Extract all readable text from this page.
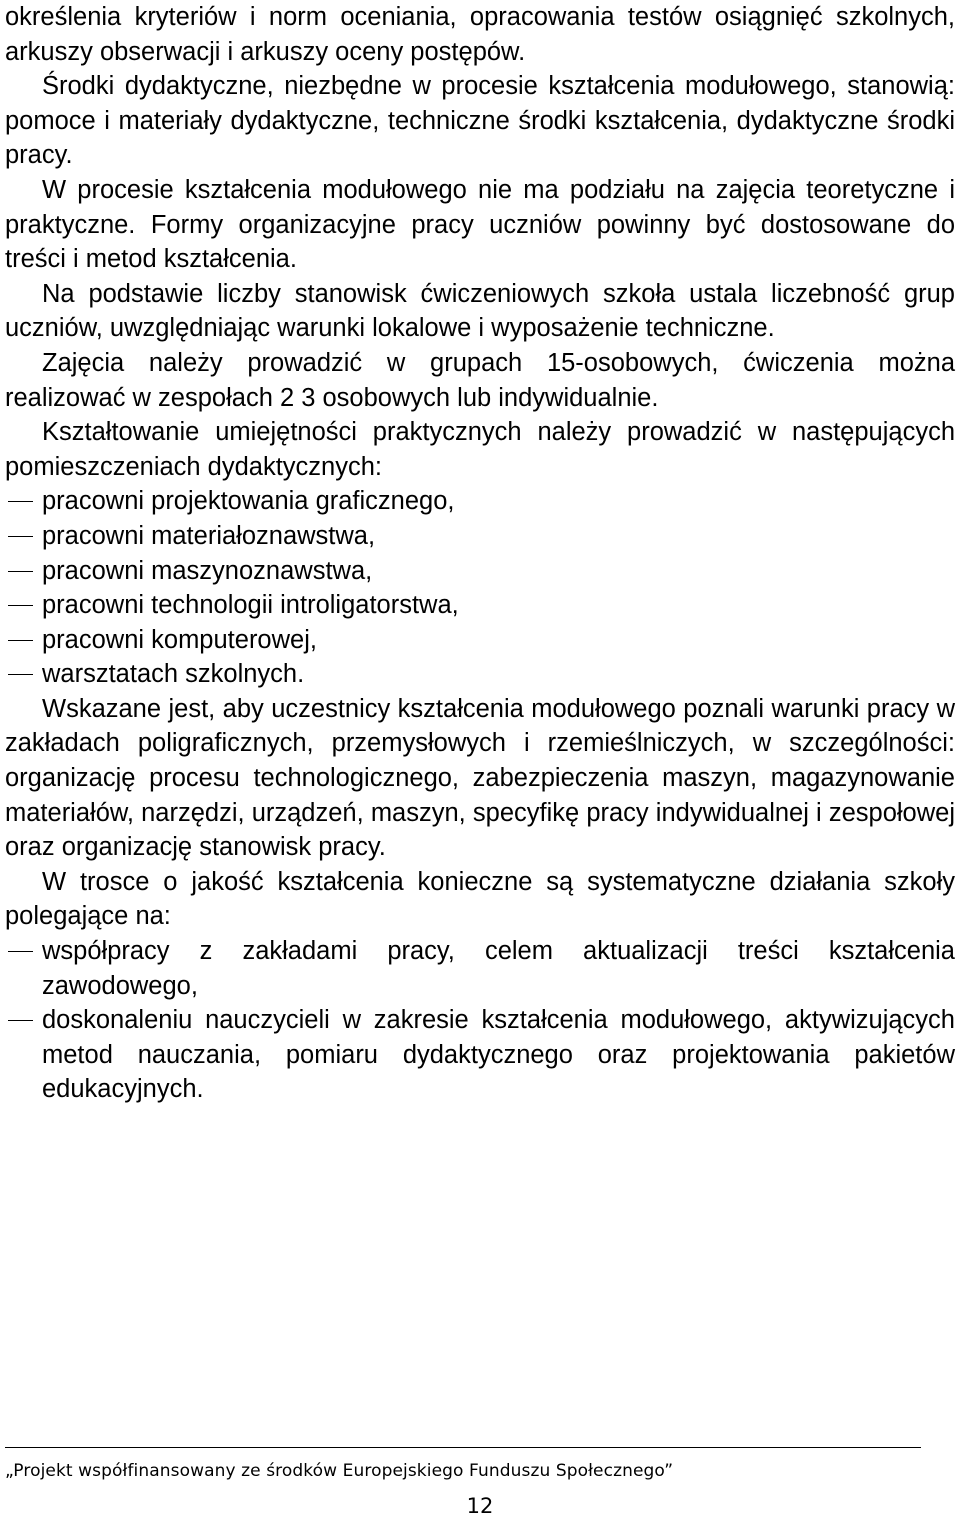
określenia kryteriów i norm oceniania, opracowania testów osiągnięć szkolnych, arkuszy obserwacji i arkuszy oceny postępów.

Środki dydaktyczne, niezbędne w procesie kształcenia modułowego, stanowią: pomoce i materiały dydaktyczne, techniczne środki kształcenia, dydaktyczne środki pracy.

W procesie kształcenia modułowego nie ma podziału na zajęcia teoretyczne i praktyczne. Formy organizacyjne pracy uczniów powinny być dostosowane do treści i metod kształcenia.

Na podstawie liczby stanowisk ćwiczeniowych szkoła ustala liczebność grup uczniów, uwzględniając warunki lokalowe i wyposażenie techniczne.

Zajęcia należy prowadzić w grupach 15-osobowych, ćwiczenia można realizować w zespołach 2 3 osobowych lub indywidualnie.

Kształtowanie umiejętności praktycznych należy prowadzić w następujących pomieszczeniach dydaktycznych:

pracowni projektowania graficznego,
pracowni materiałoznawstwa,
pracowni maszynoznawstwa,
pracowni technologii introligatorstwa,
pracowni komputerowej,
warsztatach szkolnych.

Wskazane jest, aby uczestnicy kształcenia modułowego poznali warunki pracy w zakładach poligraficznych, przemysłowych i rzemieślniczych, w szczególności: organizację procesu technologicznego, zabezpieczenia maszyn, magazynowanie materiałów, narzędzi, urządzeń, maszyn, specyfikę pracy indywidualnej i zespołowej oraz organizację stanowisk pracy.

W trosce o jakość kształcenia konieczne są systematyczne działania szkoły polegające na:

współpracy z zakładami pracy, celem aktualizacji treści kształcenia zawodowego,
doskonaleniu nauczycieli w zakresie kształcenia modułowego, aktywizujących metod nauczania, pomiaru dydaktycznego oraz projektowania pakietów edukacyjnych.
„Projekt współfinansowany ze środków Europejskiego Funduszu Społecznego”
12
